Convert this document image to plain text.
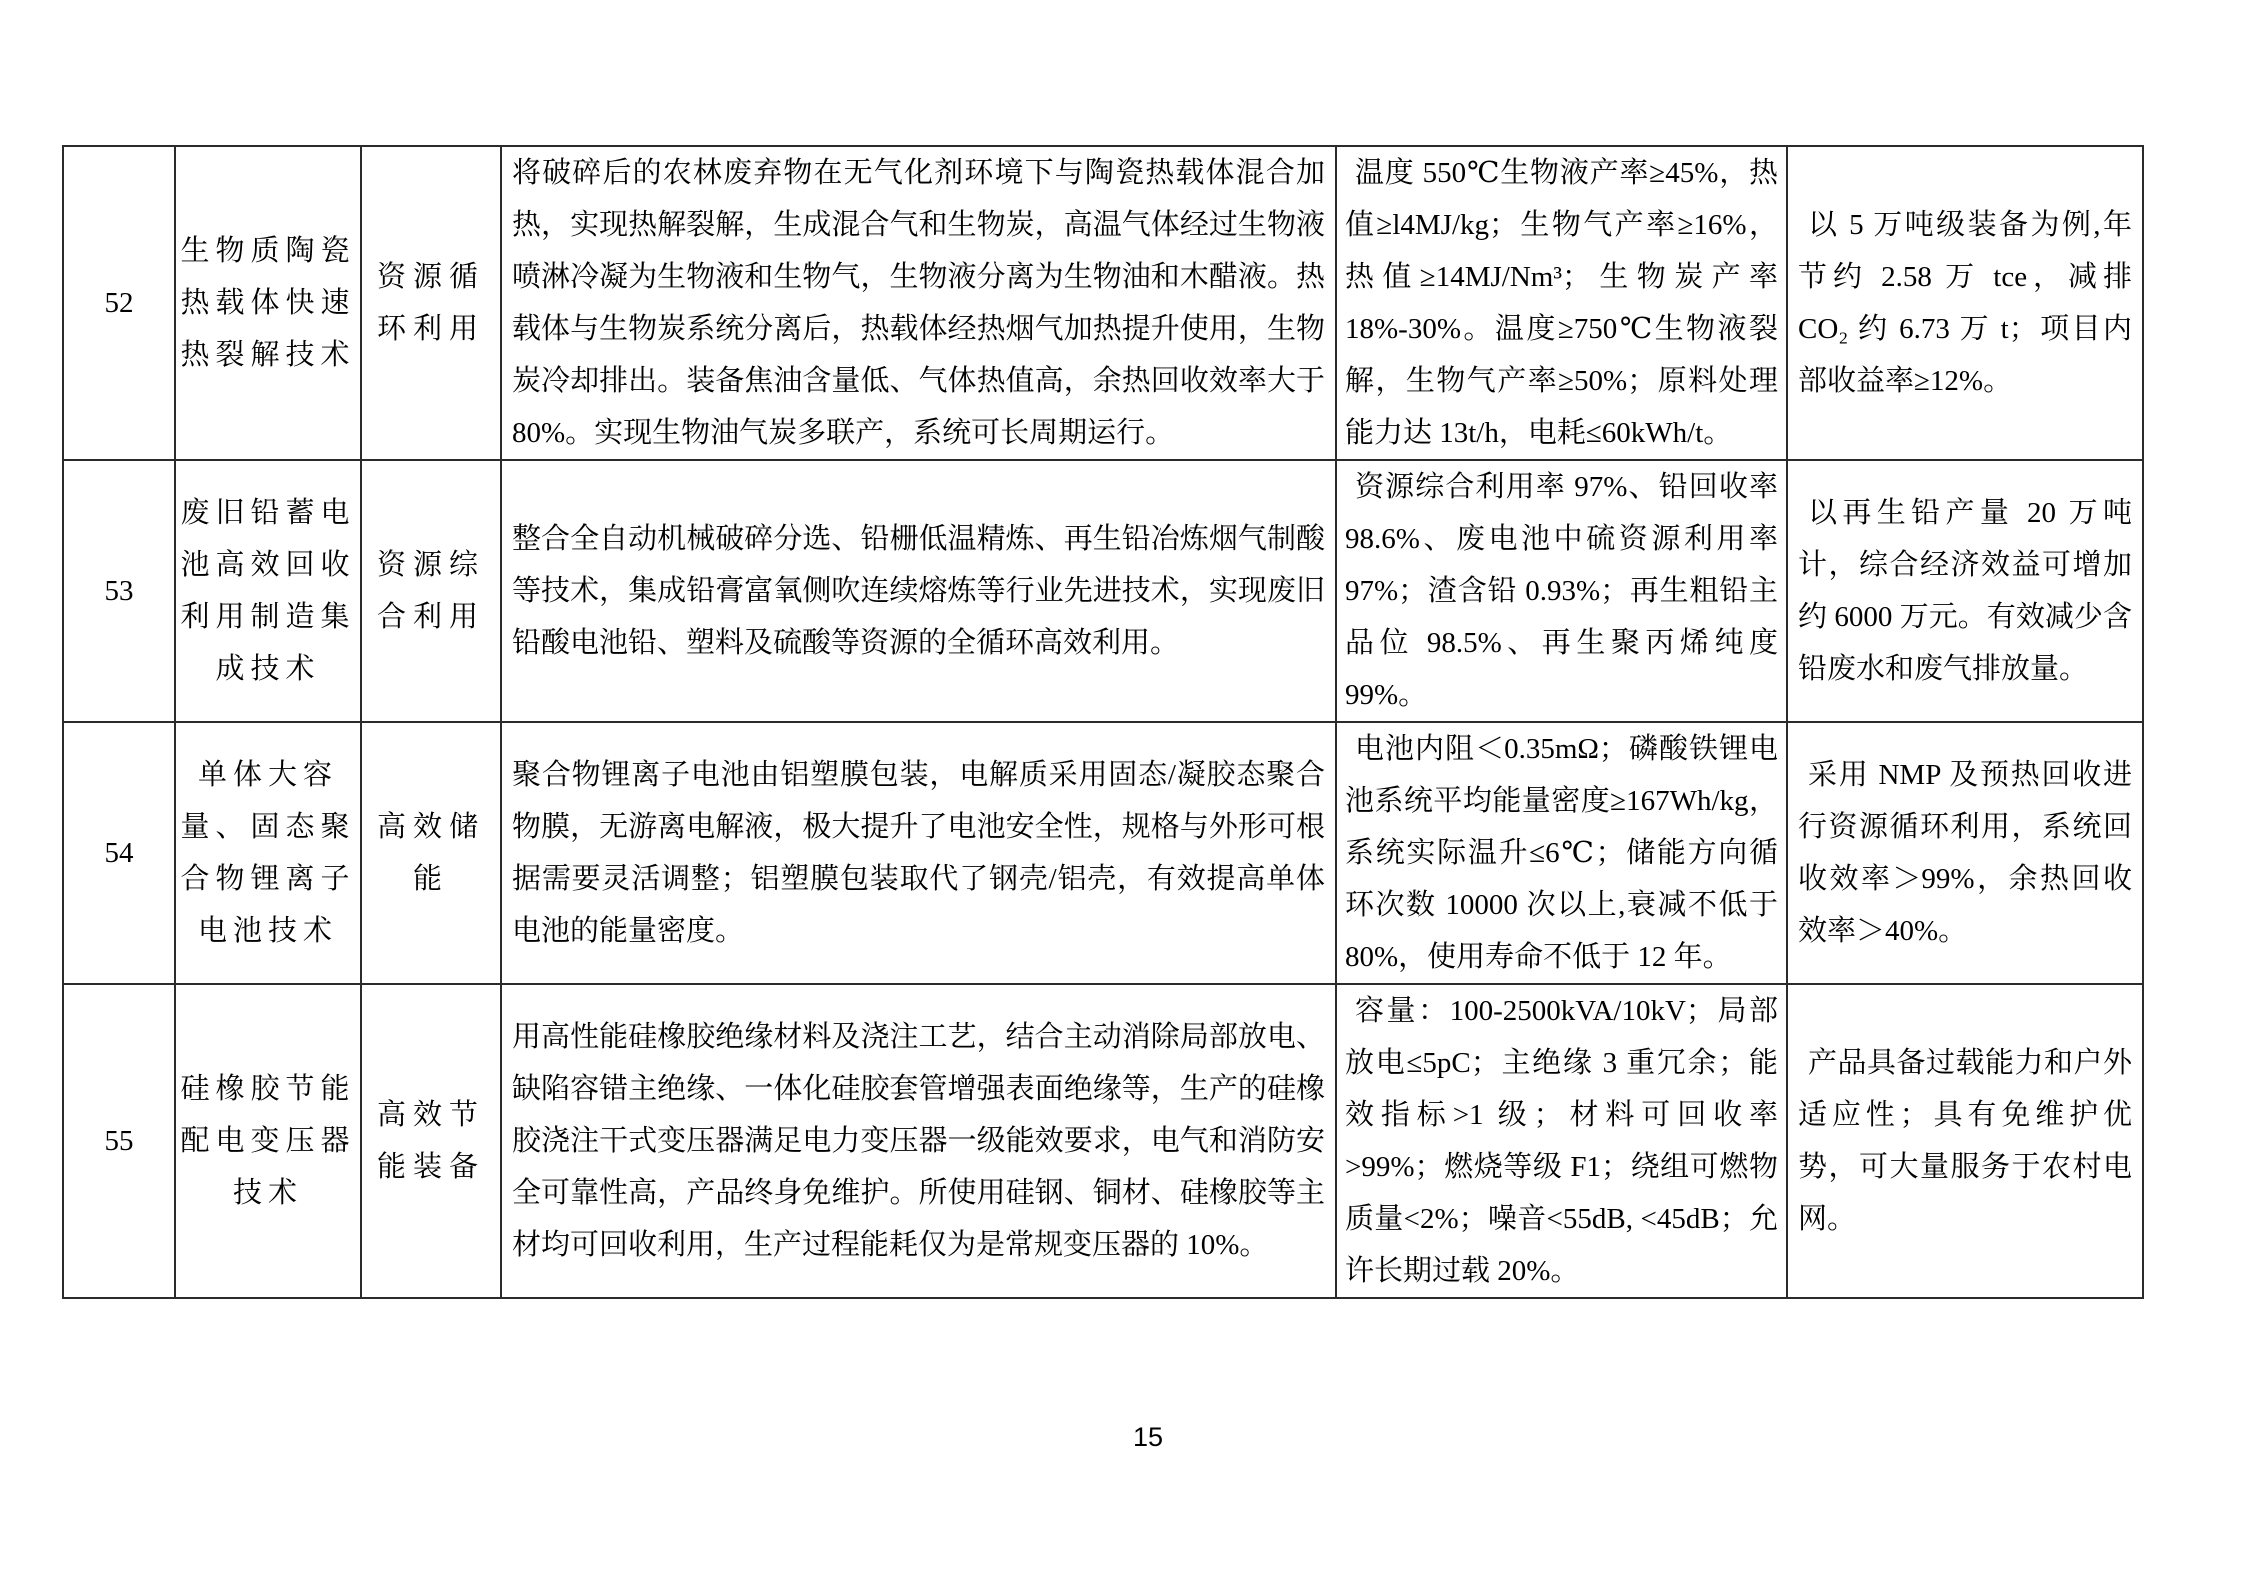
52	生物质陶瓷热载体快速热裂解技术	资源循环利用	将破碎后的农林废弃物在无气化剂环境下与陶瓷热载体混合加热，实现热解裂解，生成混合气和生物炭，高温气体经过生物液喷淋冷凝为生物液和生物气，生物液分离为生物油和木醋液。热载体与生物炭系统分离后，热载体经热烟气加热提升使用，生物炭冷却排出。装备焦油含量低、气体热值高，余热回收效率大于 80%。实现生物油气炭多联产，系统可长周期运行。	温度 550℃生物液产率≥45%，热值≥l4MJ/kg；生物气产率≥16%，热值≥14MJ/Nm³；生物炭产率 18%-30%。温度≥750℃生物液裂解，生物气产率≥50%；原料处理能力达 13t/h，电耗≤60kWh/t。	以 5 万吨级装备为例,年节约 2.58 万 tce，减排 CO₂ 约 6.73 万 t；项目内部收益率≥12%。
53	废旧铅蓄电池高效回收利用制造集成技术	资源综合利用	整合全自动机械破碎分选、铅栅低温精炼、再生铅冶炼烟气制酸等技术，集成铅膏富氧侧吹连续熔炼等行业先进技术，实现废旧铅酸电池铅、塑料及硫酸等资源的全循环高效利用。	资源综合利用率 97%、铅回收率 98.6%、废电池中硫资源利用率 97%；渣含铅 0.93%；再生粗铅主品位 98.5%、再生聚丙烯纯度 99%。	以再生铅产量 20 万吨计，综合经济效益可增加约 6000 万元。有效减少含铅废水和废气排放量。
54	单体大容量、固态聚合物锂离子电池技术	高效储能	聚合物锂离子电池由铝塑膜包装，电解质采用固态/凝胶态聚合物膜，无游离电解液，极大提升了电池安全性，规格与外形可根据需要灵活调整；铝塑膜包装取代了钢壳/铝壳，有效提高单体电池的能量密度。	电池内阻＜0.35mΩ；磷酸铁锂电池系统平均能量密度≥167Wh/kg，系统实际温升≤6℃；储能方向循环次数 10000 次以上,衰减不低于 80%，使用寿命不低于 12 年。	采用 NMP 及预热回收进行资源循环利用，系统回收效率＞99%，余热回收效率＞40%。
55	硅橡胶节能配电变压器技术	高效节能装备	用高性能硅橡胶绝缘材料及浇注工艺，结合主动消除局部放电、缺陷容错主绝缘、一体化硅胶套管增强表面绝缘等，生产的硅橡胶浇注干式变压器满足电力变压器一级能效要求，电气和消防安全可靠性高，产品终身免维护。所使用硅钢、铜材、硅橡胶等主材均可回收利用，生产过程能耗仅为是常规变压器的 10%。	容量：100-2500kVA/10kV；局部放电≤5pC；主绝缘 3 重冗余；能效指标>1 级；材料可回收率>99%；燃烧等级 F1；绕组可燃物质量<2%；噪音<55dB, <45dB；允许长期过载 20%。	产品具备过载能力和户外适应性；具有免维护优势，可大量服务于农村电网。
15
